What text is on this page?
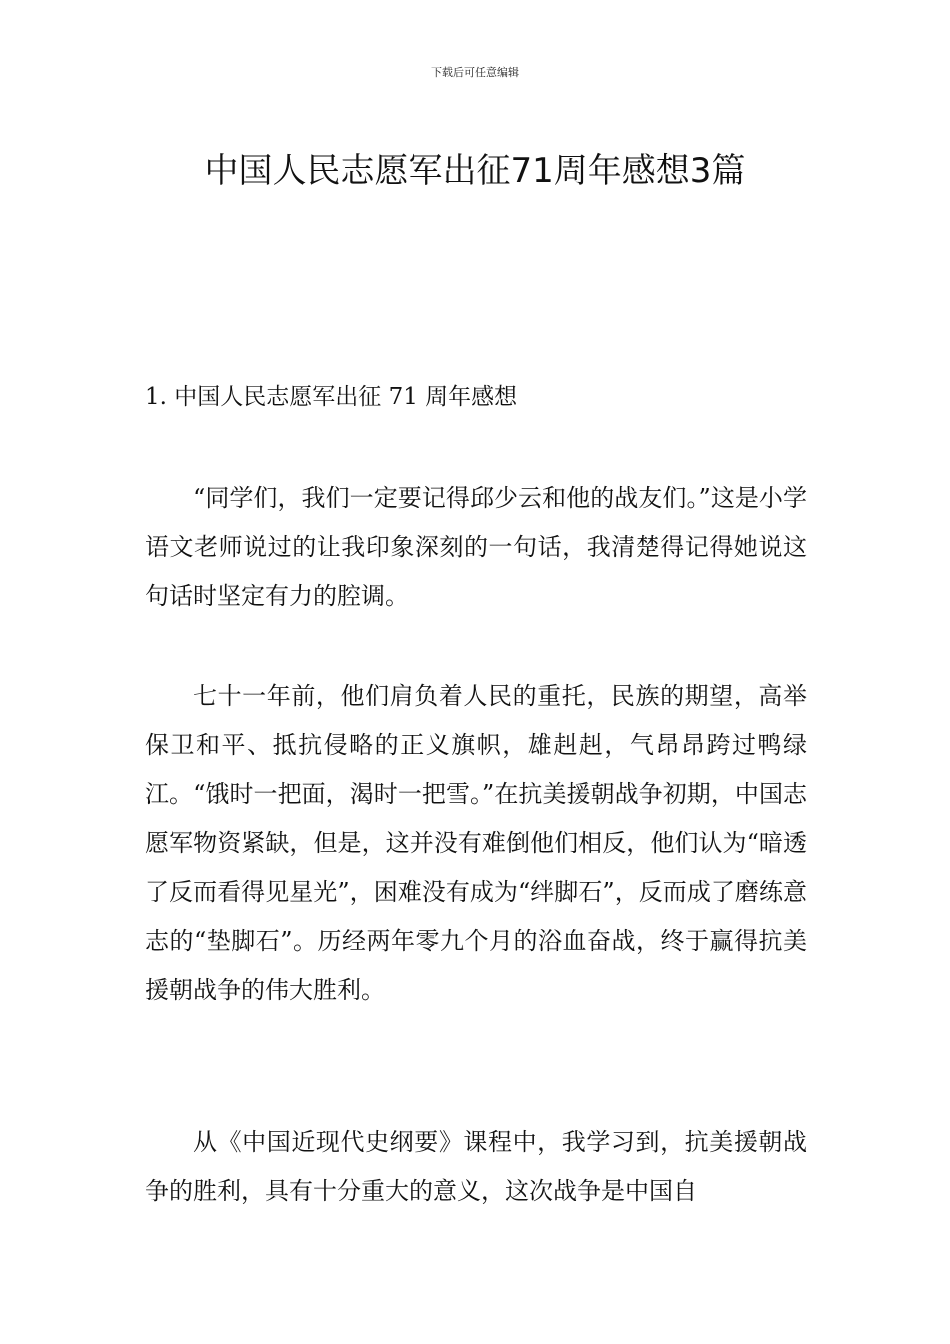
下载后可任意编辑
中国人民志愿军出征71周年感想3篇
1. 中国人民志愿军出征 71 周年感想

“同学们，我们一定要记得邱少云和他的战友们。”这是小学语文老师说过的让我印象深刻的一句话，我清楚得记得她说这句话时坚定有力的腔调。

七十一年前，他们肩负着人民的重托，民族的期望，高举保卫和平、抵抗侵略的正义旗帜，雄赳赳，气昂昂跨过鸭绿江。“饿时一把面，渴时一把雪。”在抗美援朝战争初期，中国志愿军物资紧缺，但是，这并没有难倒他们相反，他们认为“暗透了反而看得见星光”，困难没有成为“绊脚石”，反而成了磨练意志的“垫脚石”。历经两年零九个月的浴血奋战，终于赢得抗美援朝战争的伟大胜利。

从《中国近现代史纲要》课程中，我学习到，抗美援朝战争的胜利，具有十分重大的意义，这次战争是中国自
